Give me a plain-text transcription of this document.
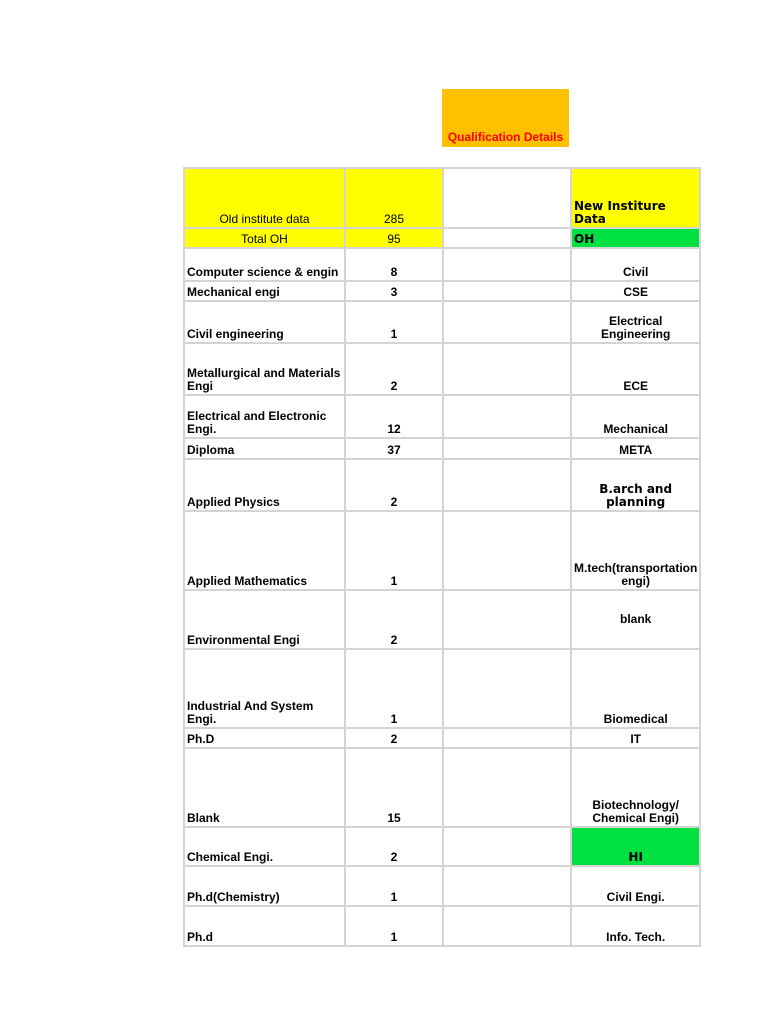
Qualification Details
Old institute data	285		New Institure Data
Total OH	95		OH
Computer science & engin	8		Civil
Mechanical engi	3		CSE
Civil engineering	1		Electrical Engineering
Metallurgical and Materials Engi	2		ECE
Electrical and Electronic Engi.	12		Mechanical
Diploma	37		META
Applied Physics	2		B.arch and planning
Applied Mathematics	1		M.tech(transportation engi)
Environmental Engi	2		blank
Industrial And System Engi.	1		Biomedical
Ph.D	2		IT
Blank	15		Biotechnology/ Chemical Engi)
Chemical Engi.	2		HI
Ph.d(Chemistry)	1		Civil Engi.
Ph.d	1		Info. Tech.
